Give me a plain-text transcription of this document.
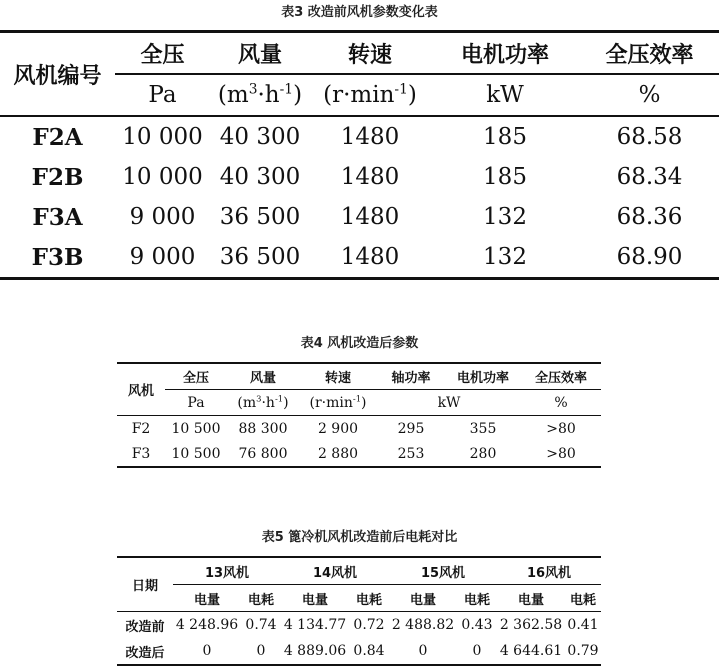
表3 改造前风机参数变化表
风机编号	全压	风量	转速	电机功率	全压效率
	Pa	$(m^3\cdot h^{-1})$	$(r\cdot\min^{-1})$	kW	%
F2A	10 000	40 300	1480	185	68.58
F2B	10 000	40 300	1480	185	68.34
F3A	9 000	36 500	1480	132	68.36
F3B	9 000	36 500	1480	132	68.90
表4 风机改造后参数
风机	全压	风量	转速	轴功率	电机功率	全压效率
	Pa	$(m^3\cdot h^{-1})$	$(r\cdot\min^{-1})$	kW		%
F2	10 500	88 300	2 900	295	355	>80
F3	10 500	76 800	2 880	253	280	>80
表5 篦冷机风机改造前后电耗对比
日期	13风机		14风机		15风机		16风机	
	电量	电耗	电量	电耗	电量	电耗	电量	电耗
改造前	4 248.96	0.74	4 134.77	0.72	2 488.82	0.43	2 362.58	0.41
改造后	0	0	4 889.06	0.84	0	0	4 644.61	0.79
